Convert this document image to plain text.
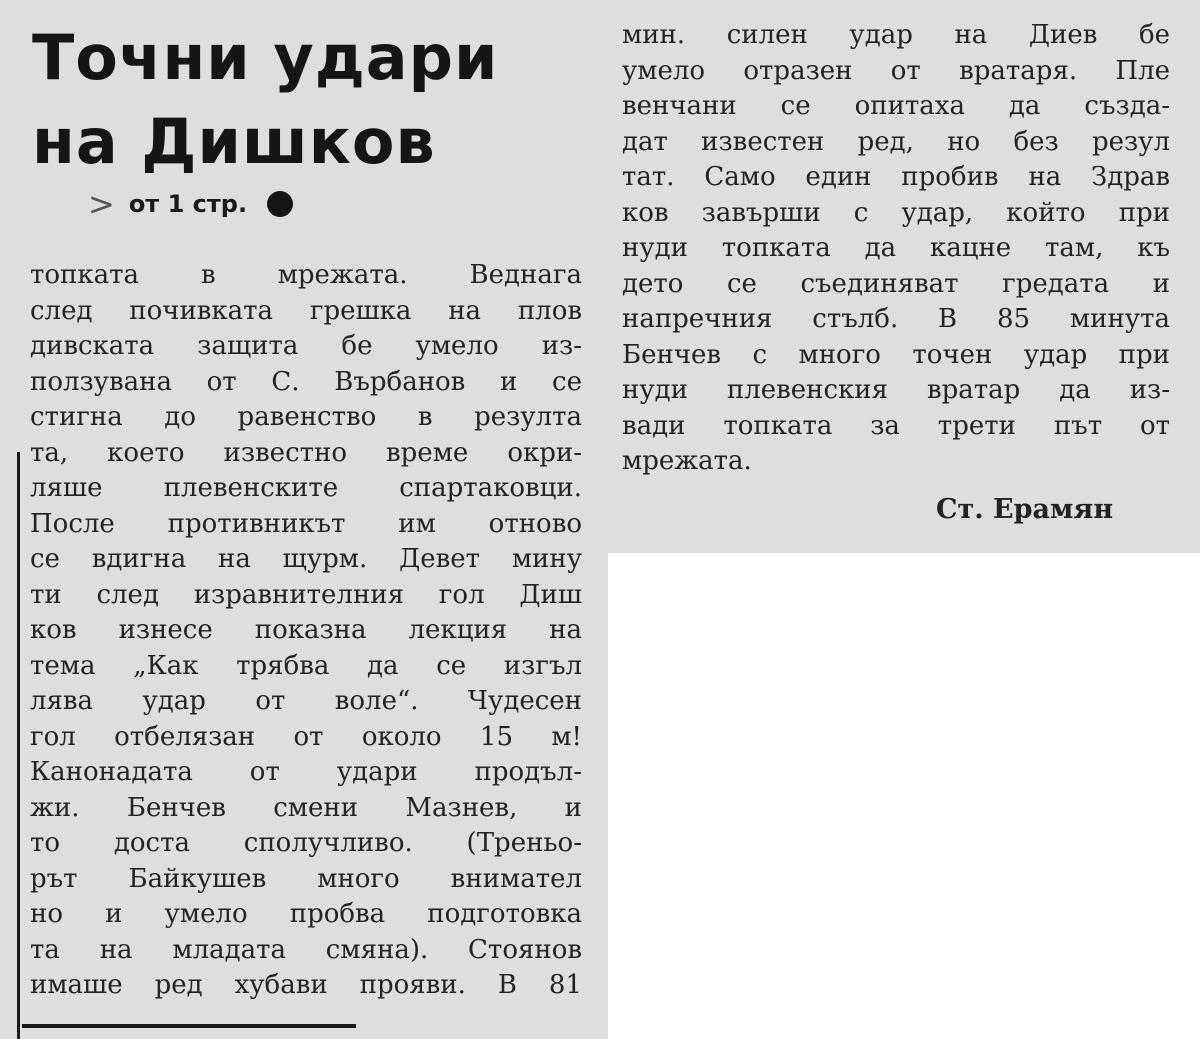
Точни удари
на Дишков
> от 1 стр.
топката в мрежата. Веднага
след почивката грешка на плов
дивската защита бе умело из-
ползувана от С. Върбанов и се
стигна до равенство в резулта
та, което известно време окри-
ляше плевенските спартаковци.
После противникът им отново
се вдигна на щурм. Девет мину
ти след изравнителния гол Диш
ков изнесе показна лекция на
тема „Как трябва да се изгъл
лява удар от воле“. Чудесен
гол отбелязан от около 15 м!
Канонадата от удари продъл-
жи. Бенчев смени Мазнев, и
то доста сполучливо. (Треньо-
рът Байкушев много внимател
но и умело пробва подготовка
та на младата смяна). Стоянов
имаше ред хубави прояви. В 81
мин. силен удар на Диев бе
умело отразен от вратаря. Пле
венчани се опитаха да създа-
дат известен ред, но без резул
тат. Само един пробив на Здрав
ков завърши с удар, който при
нуди топката да кацне там, къ
дето се съединяват гредата и
напречния стълб. В 85 минута
Бенчев с много точен удар при
нуди плевенския вратар да из-
вади топката за трети път от
мрежата.
Ст. Ерамян
